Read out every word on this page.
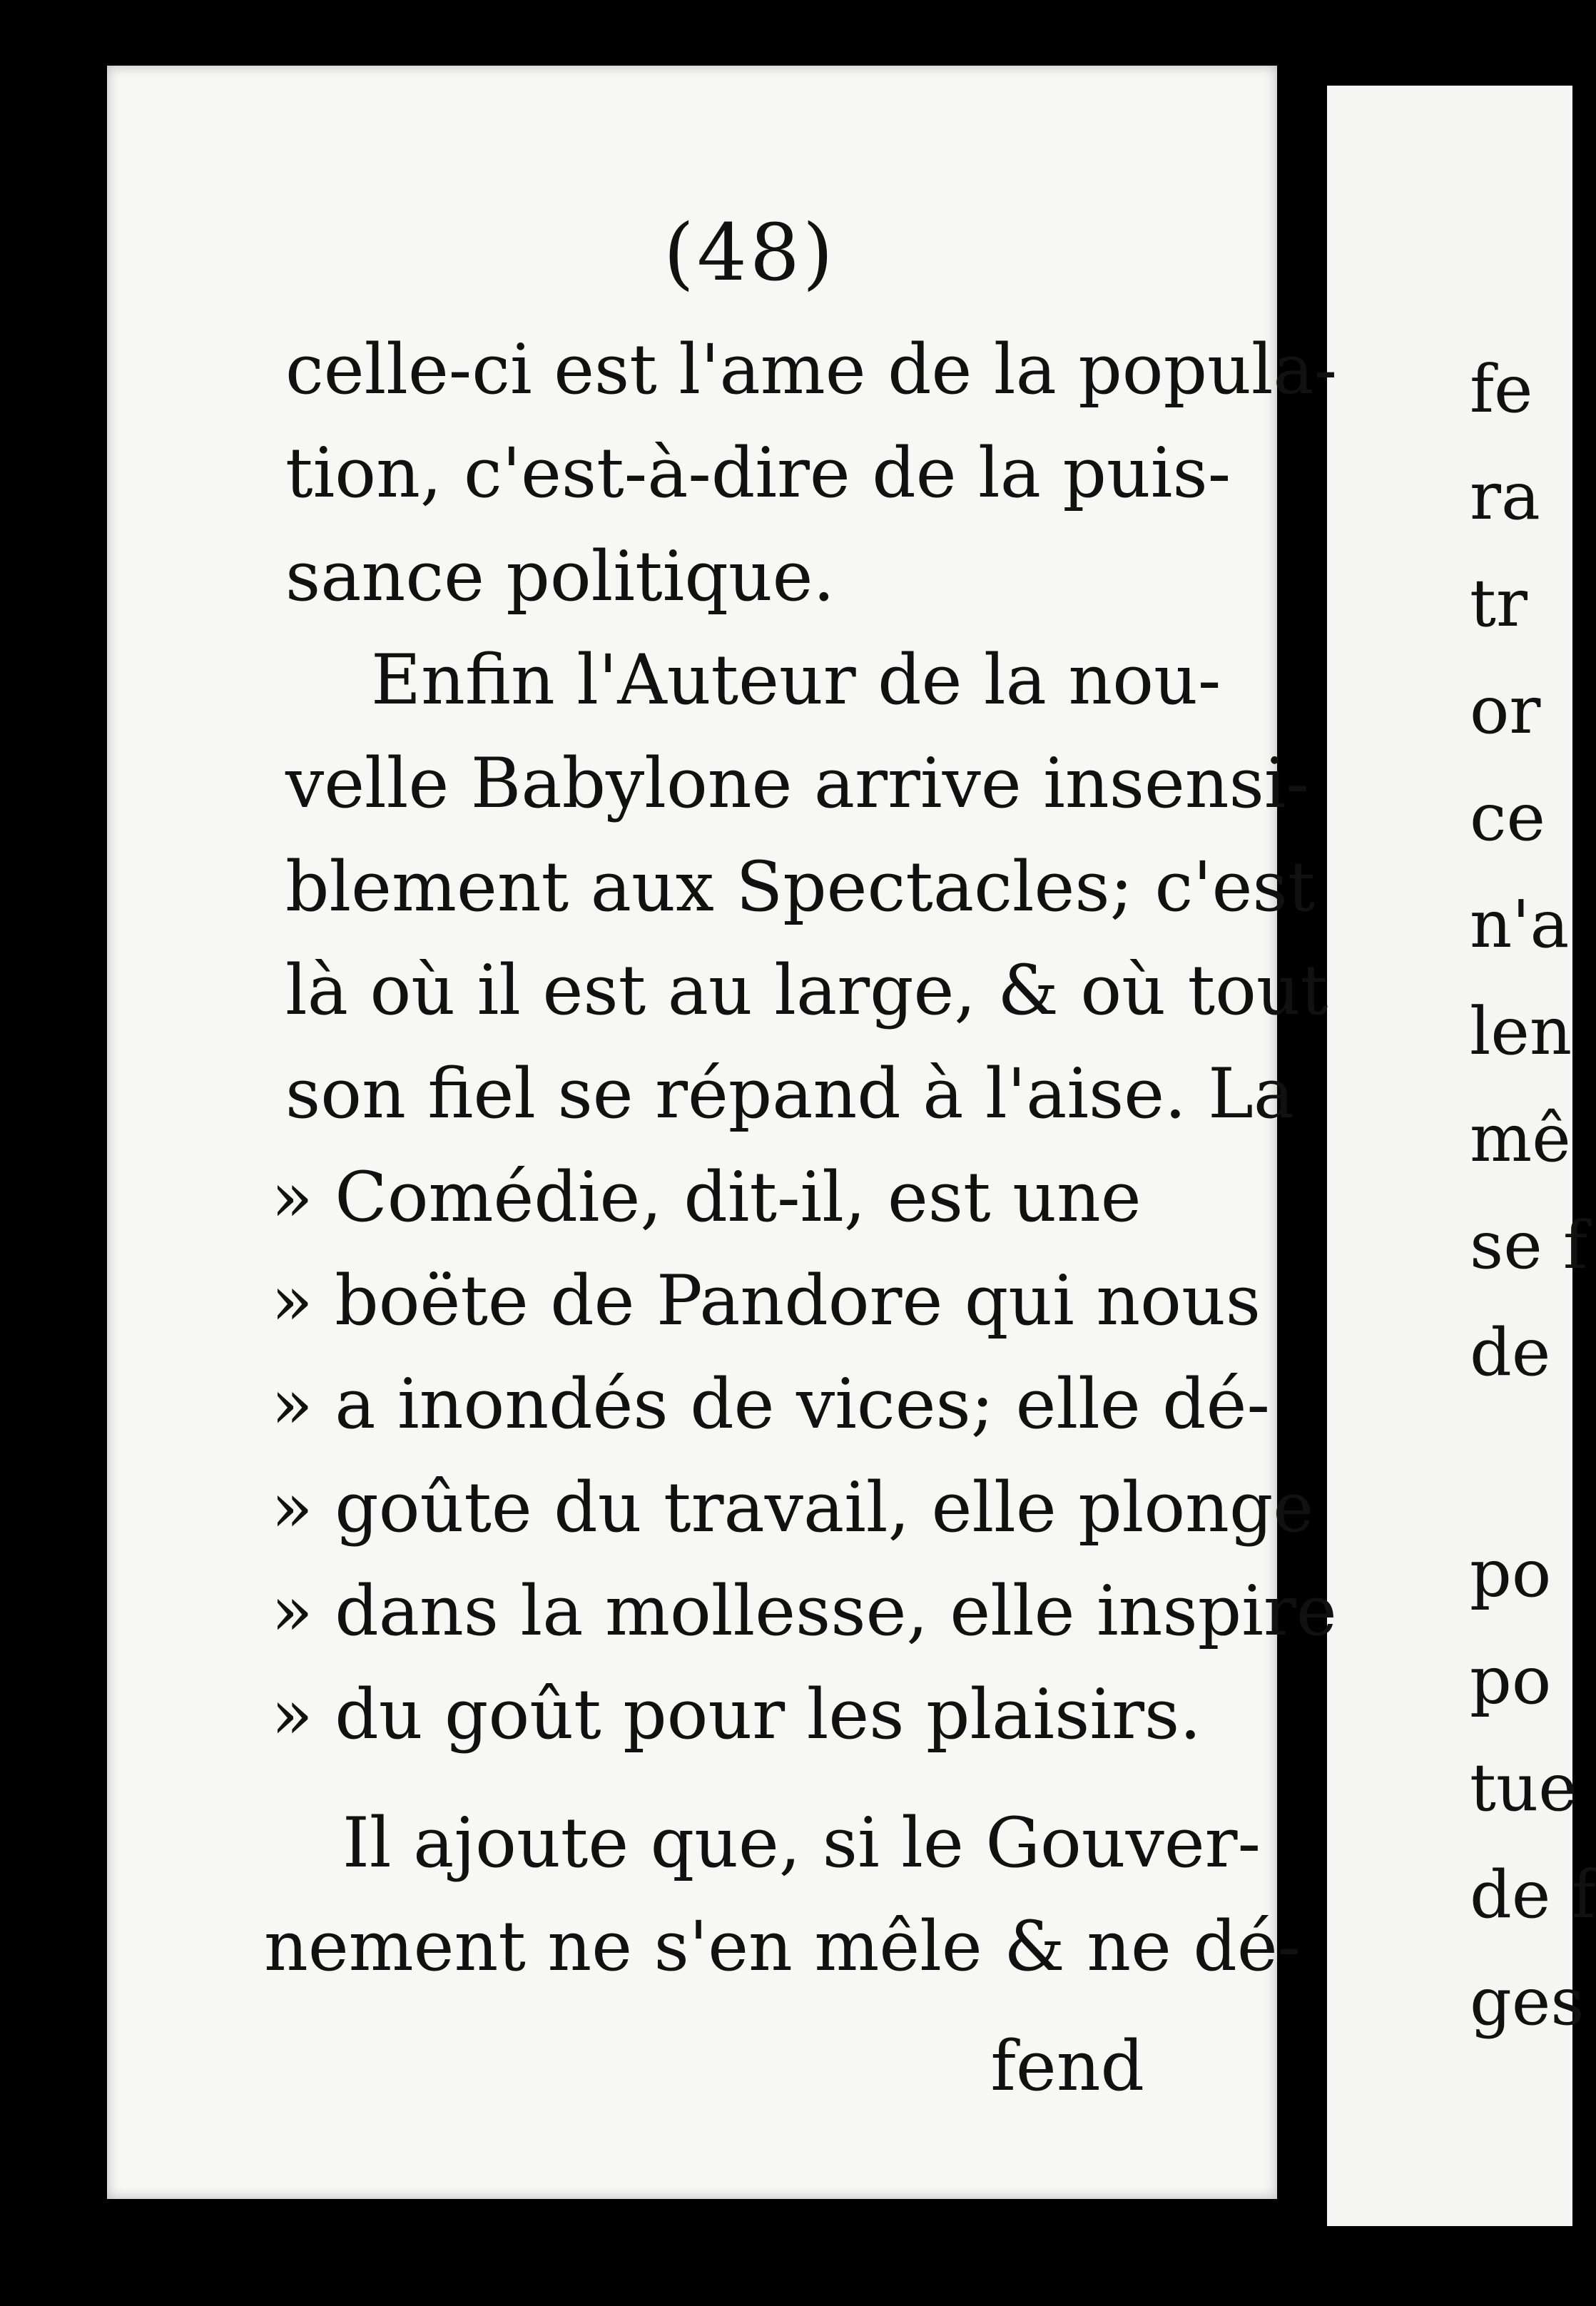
(48)
celle-ci est l'ame de la popula-
tion, c'est-à-dire de la puis-
sance politique.
Enfin l'Auteur de la nou-
velle Babylone arrive insensi-
blement aux Spectacles; c'est
là où il est au large, & où tout
son fiel se répand à l'aise. La
» Comédie, dit-il, est une
» boëte de Pandore qui nous
» a inondés de vices; elle dé-
» goûte du travail, elle plonge
» dans la mollesse, elle inspire
» du goût pour les plaisirs.
Il ajoute que, si le Gouver-
nement ne s'en mêle & ne dé-
fend
fe
ra
tr
or
ce
n'a
len
mê
se f
de
po
po
tue
de f
ges
